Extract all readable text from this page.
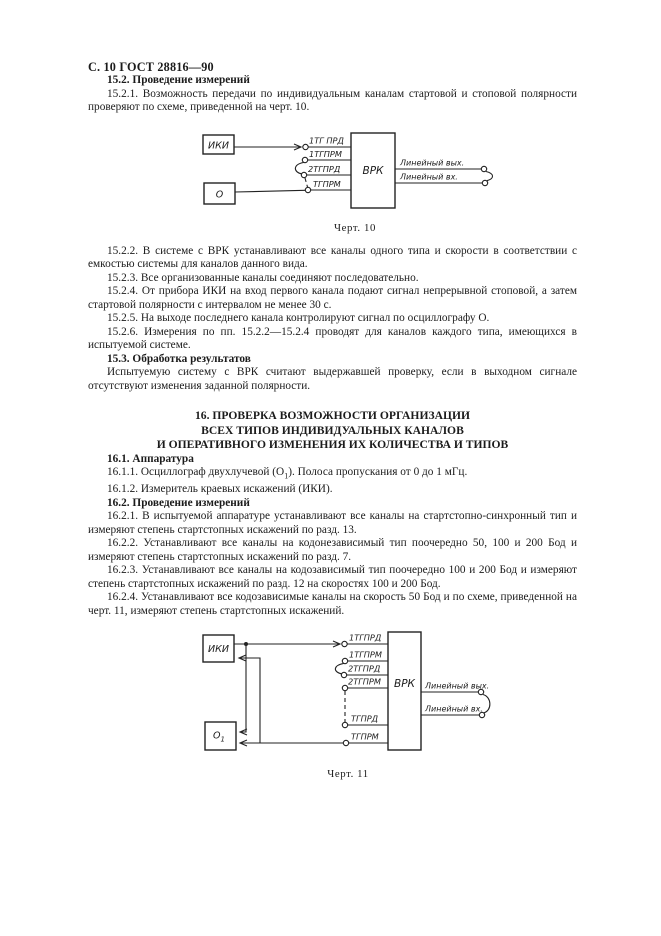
С. 10 ГОСТ 28816—90

15.2. Проведение измерений

15.2.1. Возможность передачи по индивидуальным каналам стартовой и стоповой полярности проверяют по схеме, приведенной на черт. 10.

ИКИ
О
ВРК
1ТГ ПРД
1ТГПРМ
2ТГПРД
ТГПРМ
Линейный вых.
Линейный вх.
Черт. 10

15.2.2. В системе с ВРК устанавливают все каналы одного типа и скорости в соответствии с емкостью системы для каналов данного вида.

15.2.3. Все организованные каналы соединяют последовательно.

15.2.4. От прибора ИКИ на вход первого канала подают сигнал непрерывной стоповой, а затем стартовой полярности с интервалом не менее 30 с.

15.2.5. На выходе последнего канала контролируют сигнал по осциллографу О.

15.2.6. Измерения по пп. 15.2.2—15.2.4 проводят для каналов каждого типа, имеющихся в испытуемой системе.

15.3. Обработка результатов

Испытуемую систему с ВРК считают выдержавшей проверку, если в выходном сигнале отсутствуют изменения заданной полярности.

16. ПРОВЕРКА ВОЗМОЖНОСТИ ОРГАНИЗАЦИИ
ВСЕХ ТИПОВ ИНДИВИДУАЛЬНЫХ КАНАЛОВ
И ОПЕРАТИВНОГО ИЗМЕНЕНИЯ ИХ КОЛИЧЕСТВА И ТИПОВ

16.1. Аппаратура

16.1.1. Осциллограф двухлучевой $(О_1)$. Полоса пропускания от 0 до 1 мГц.

16.1.2. Измеритель краевых искажений (ИКИ).

16.2. Проведение измерений

16.2.1. В испытуемой аппаратуре устанавливают все каналы на стартстопно-синхронный тип и измеряют степень стартстопных искажений по разд. 13.

16.2.2. Устанавливают все каналы на кодонезависимый тип поочередно 50, 100 и 200 Бод и измеряют степень стартстопных искажений по разд. 7.

16.2.3. Устанавливают все каналы на кодозависимый тип поочередно 100 и 200 Бод и измеряют степень стартстопных искажений по разд. 12 на скоростях 100 и 200 Бод.

16.2.4. Устанавливают все кодозависимые каналы на скорость 50 Бод и по схеме, приведенной на черт. 11, измеряют степень стартстопных искажений.

ИКИ
$О_1$
ВРК
1ТГПРД
1ТГПРМ
2ТГПРД
2ТГПРМ
ТГПРД
ТГПРМ
Линейный вых.
Линейный вх.
Черт. 11
